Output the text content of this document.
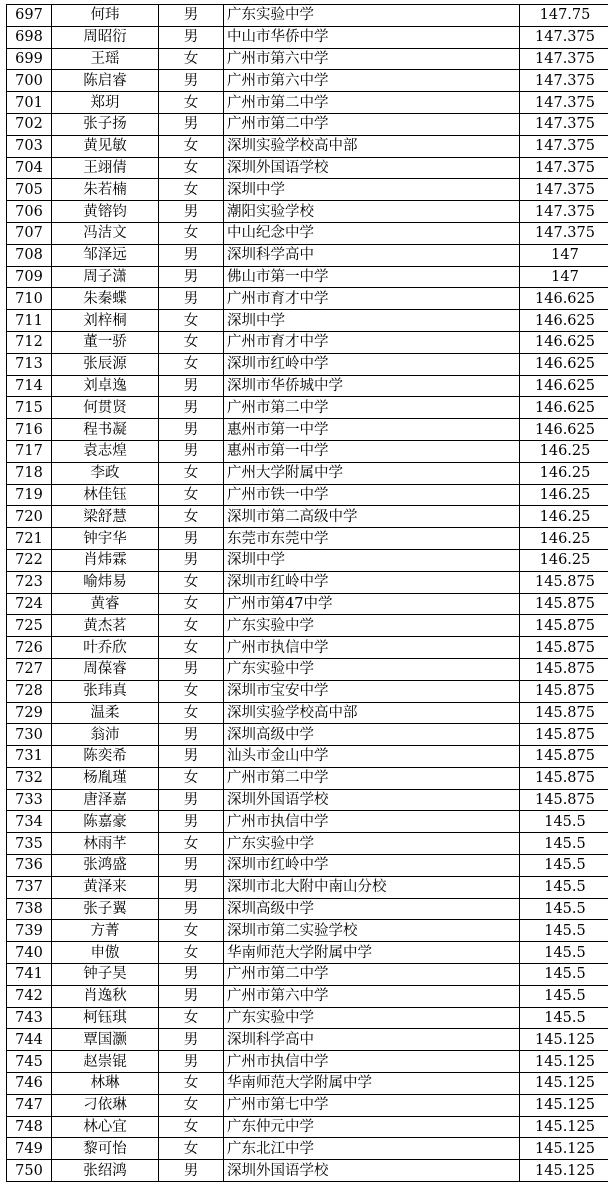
697	何玮	男	广东实验中学	147.75
698	周昭衍	男	中山市华侨中学	147.375
699	王瑶	女	广州市第六中学	147.375
700	陈启睿	男	广州市第六中学	147.375
701	郑玥	女	广州市第二中学	147.375
702	张子扬	男	广州市第二中学	147.375
703	黄见敏	女	深圳实验学校高中部	147.375
704	王翊倩	女	深圳外国语学校	147.375
705	朱若楠	女	深圳中学	147.375
706	黄镕钧	男	潮阳实验学校	147.375
707	冯洁文	女	中山纪念中学	147.375
708	邹泽远	男	深圳科学高中	147
709	周子潇	男	佛山市第一中学	147
710	朱秦蝶	男	广州市育才中学	146.625
711	刘梓桐	女	深圳中学	146.625
712	董一骄	女	广州市育才中学	146.625
713	张辰源	女	深圳市红岭中学	146.625
714	刘卓逸	男	深圳市华侨城中学	146.625
715	何贯贤	男	广州市第二中学	146.625
716	程书凝	男	惠州市第一中学	146.625
717	袁志煌	男	惠州市第一中学	146.25
718	李政	女	广州大学附属中学	146.25
719	林佳钰	女	广州市铁一中学	146.25
720	梁舒慧	女	深圳市第二高级中学	146.25
721	钟宇华	男	东莞市东莞中学	146.25
722	肖炜霖	男	深圳中学	146.25
723	喻炜易	女	深圳市红岭中学	145.875
724	黄睿	女	广州市第47中学	145.875
725	黄杰茗	女	广东实验中学	145.875
726	叶乔欣	女	广州市执信中学	145.875
727	周葆睿	男	广东实验中学	145.875
728	张玮真	女	深圳市宝安中学	145.875
729	温柔	女	深圳实验学校高中部	145.875
730	翁沛	男	深圳高级中学	145.875
731	陈奕希	男	汕头市金山中学	145.875
732	杨胤瑾	女	广州市第二中学	145.875
733	唐泽嘉	男	深圳外国语学校	145.875
734	陈嘉豪	男	广州市执信中学	145.5
735	林雨芊	女	广东实验中学	145.5
736	张鸿盛	男	深圳市红岭中学	145.5
737	黄泽来	男	深圳市北大附中南山分校	145.5
738	张子翼	男	深圳高级中学	145.5
739	方菁	女	深圳市第二实验学校	145.5
740	申傲	女	华南师范大学附属中学	145.5
741	钟子昊	男	广州市第二中学	145.5
742	肖逸秋	男	广州市第六中学	145.5
743	柯钰琪	女	广东实验中学	145.5
744	覃国灏	男	深圳科学高中	145.125
745	赵崇锟	男	广州市执信中学	145.125
746	林琳	女	华南师范大学附属中学	145.125
747	刁依琳	女	广州市第七中学	145.125
748	林心宜	女	广东仲元中学	145.125
749	黎可怡	女	广东北江中学	145.125
750	张绍鸿	男	深圳外国语学校	145.125
